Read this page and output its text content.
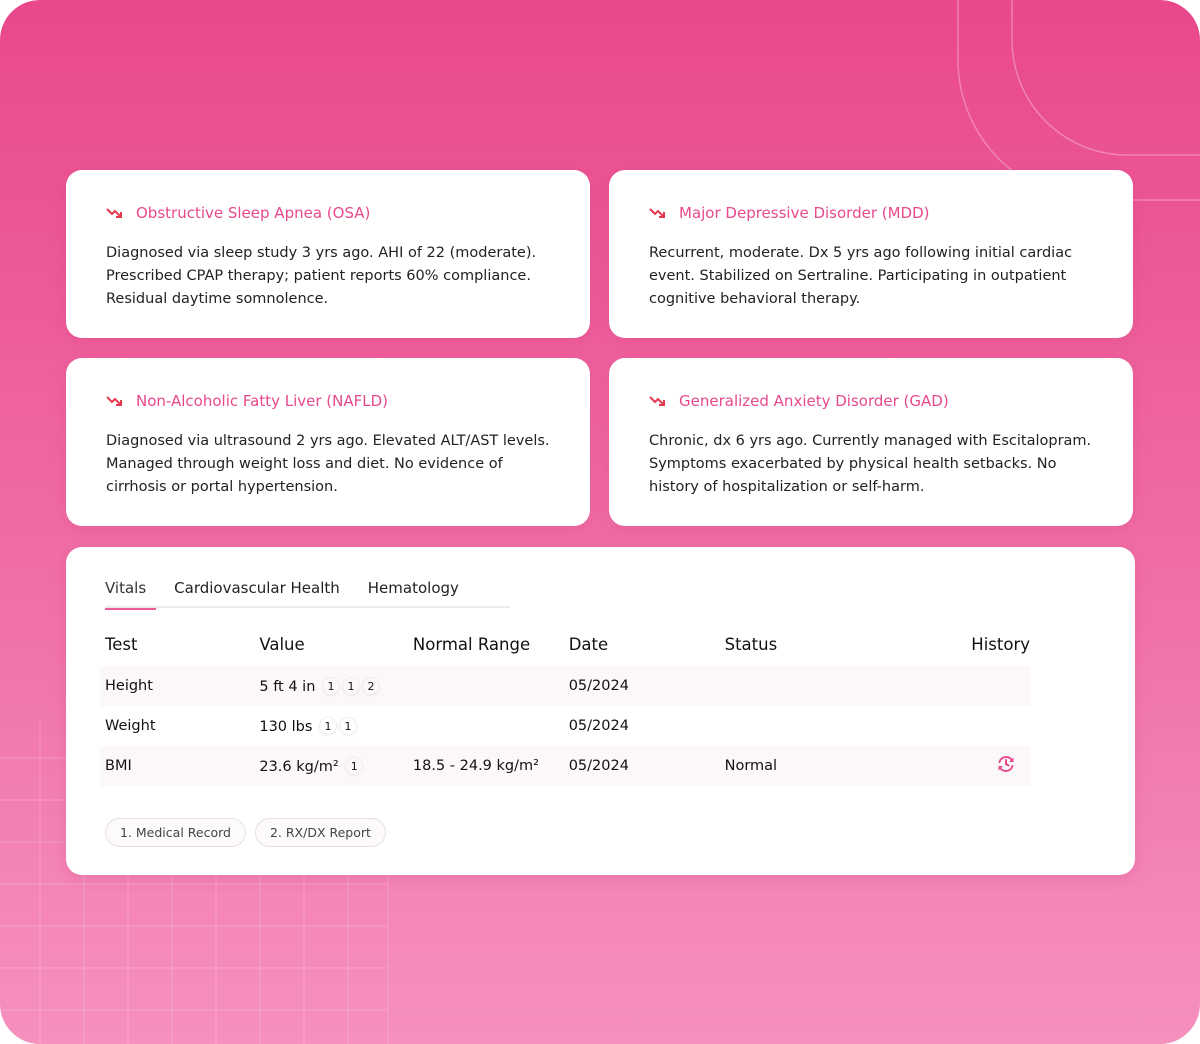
Obstructive Sleep Apnea (OSA)

Diagnosed via sleep study 3 yrs ago. AHI of 22 (moderate). Prescribed CPAP therapy; patient reports 60% compliance. Residual daytime somnolence.

Major Depressive Disorder (MDD)

Recurrent, moderate. Dx 5 yrs ago following initial cardiac event. Stabilized on Sertraline. Participating in outpatient cognitive behavioral therapy.

Non-Alcoholic Fatty Liver (NAFLD)

Diagnosed via ultrasound 2 yrs ago. Elevated ALT/AST levels. Managed through weight loss and diet. No evidence of cirrhosis or portal hypertension.

Generalized Anxiety Disorder (GAD)

Chronic, dx 6 yrs ago. Currently managed with Escitalopram. Symptoms exacerbated by physical health setbacks. No history of hospitalization or self-harm.

Vitals Cardiovascular Health Hematology
Test	Value	Normal Range	Date	Status	History
Height	5 ft 4 in 1 1 2		05/2024		
Weight	130 lbs 1 1		05/2024		
BMI	23.6 kg/m² 1	18.5 - 24.9 kg/m²	05/2024	Normal	
1. Medical Record	2. RX/DX Report
